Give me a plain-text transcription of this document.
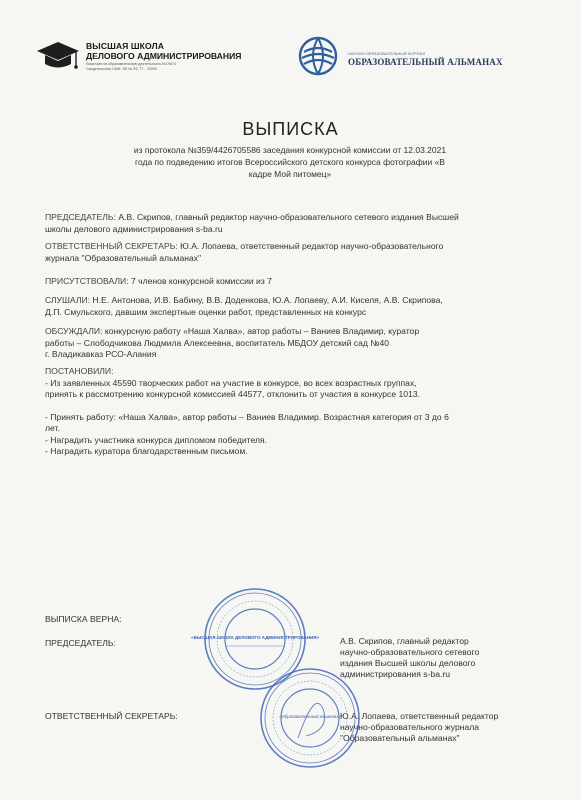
ВЫСШАЯ ШКОЛА
ДЕЛОВОГО АДМИНИСТРИРОВАНИЯ
Лицензия на образовательную деятельность №19674
Свидетельство СМИ: ЭЛ № ФС 77 - 70095
НАУЧНО-ОБРАЗОВАТЕЛЬНЫЙ ЖУРНАЛ
ОБРАЗОВАТЕЛЬНЫЙ АЛЬМАНАХ
ВЫПИСКА
из протокола №359/4426705586 заседания конкурсной комиссии от 12.03.2021
года по подведению итогов Всероссийского детского конкурса фотографии «В
кадре Мой питомец»
ПРЕДСЕДАТЕЛЬ: А.В. Скрипов, главный редактор научно-образовательного сетевого издания Высшей
школы делового администрирования s-ba.ru
ОТВЕТСТВЕННЫЙ СЕКРЕТАРЬ: Ю.А. Лопаева, ответственный редактор научно-образовательного
журнала "Образовательный альманах"
ПРИСУТСТВОВАЛИ: 7 членов конкурсной комиссии из 7
СЛУШАЛИ: Н.Е. Антонова, И.В. Бабину, В.В. Доденкова, Ю.А. Лопаеву, А.И. Киселя, А.В. Скрипова,
Д.П. Смульского, давшим экспертные оценки работ, представленных на конкурс
ОБСУЖДАЛИ: конкурсную работу «Наша Халва», автор работы – Ваниев Владимир, куратор
работы – Слободчикова Людмила Алексеевна, воспитатель МБДОУ детский сад №40
г. Владикавказ РСО-Алания
ПОСТАНОВИЛИ:
- Из заявленных 45590 творческих работ на участие в конкурсе, во всех возрастных группах,
принять к рассмотрению конкурсной комиссией 44577, отклонить от участия в конкурсе 1013.
- Принять работу: «Наша Халва», автор работы – Ваниев Владимир. Возрастная категория от 3 до 6
лет.
- Наградить участника конкурса дипломом победителя.
- Наградить куратора благодарственным письмом.
ВЫПИСКА ВЕРНА:
ПРЕДСЕДАТЕЛЬ:	А.В. Скрипов, главный редактор
научно-образовательного сетевого
издания Высшей школы делового
администрирования s-ba.ru
ОТВЕТСТВЕННЫЙ СЕКРЕТАРЬ:	Ю.А. Лопаева, ответственный редактор
научно-образовательного журнала
"Образовательный альманах"
«ВЫСШАЯ ШКОЛА ДЕЛОВОГО АДМИНИСТРИРОВАНИЯ»
«Образовательный альманах»
